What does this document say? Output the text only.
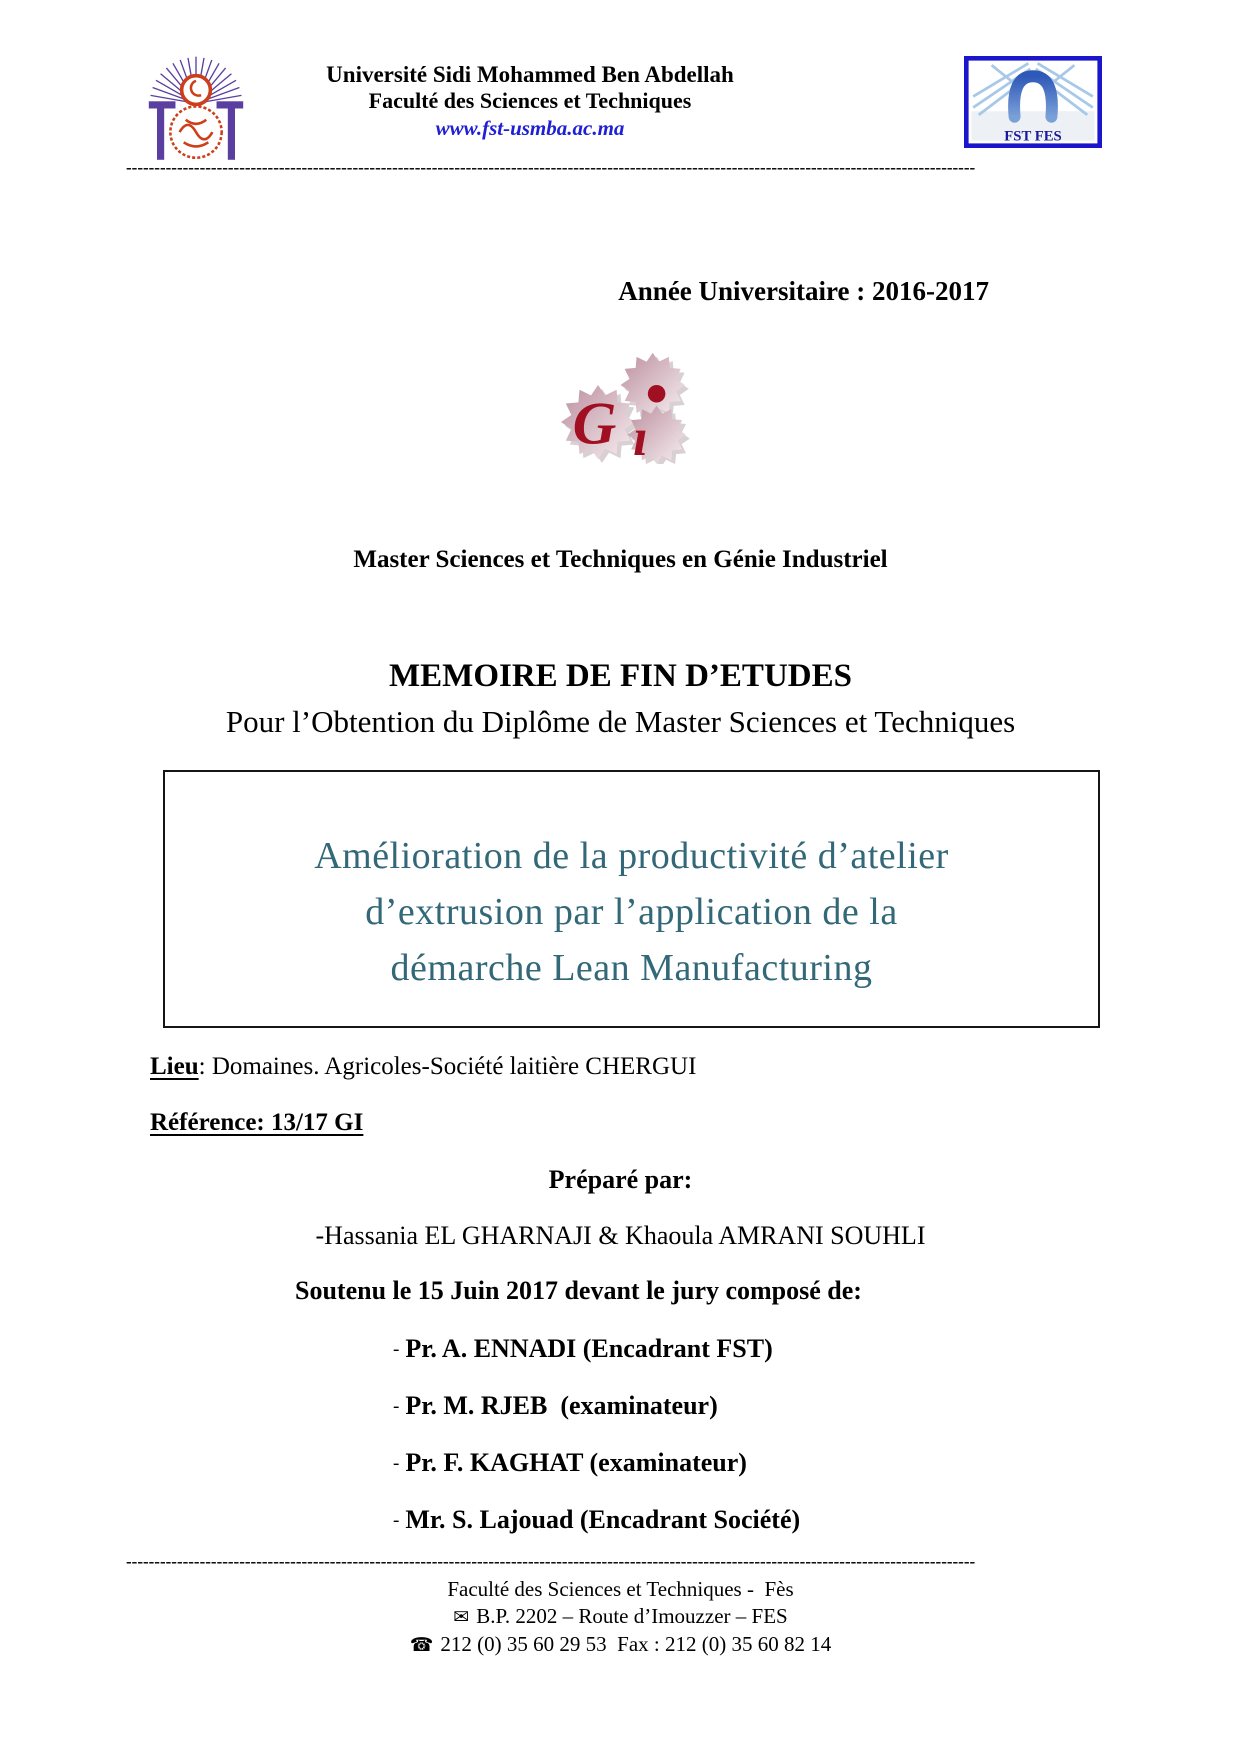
Université Sidi Mohammed Ben Abdellah
Faculté des Sciences et Techniques
www.fst-usmba.ac.ma	FST FES
------------------------------------------------------------------------------------------------------------------------------------------------------
Année Universitaire : 2016-2017
G ı
Master Sciences et Techniques en Génie Industriel
MEMOIRE DE FIN D’ETUDES
Pour l’Obtention du Diplôme de Master Sciences et Techniques
Amélioration de la productivité d’atelier
d’extrusion par l’application de la
démarche Lean Manufacturing
Lieu: Domaines. Agricoles-Société laitière CHERGUI
Référence: 13/17 GI
Préparé par:
-Hassania EL GHARNAJI & Khaoula AMRANI SOUHLI
Soutenu le 15 Juin 2017 devant le jury composé de:
- Pr. A. ENNADI (Encadrant FST)
- Pr. M. RJEB  (examinateur)
- Pr. F. KAGHAT (examinateur)
- Mr. S. Lajouad (Encadrant Société)
------------------------------------------------------------------------------------------------------------------------------------------------------
Faculté des Sciences et Techniques -  Fès
✉ B.P. 2202 – Route d’Imouzzer – FES
☎ 212 (0) 35 60 29 53  Fax : 212 (0) 35 60 82 14
